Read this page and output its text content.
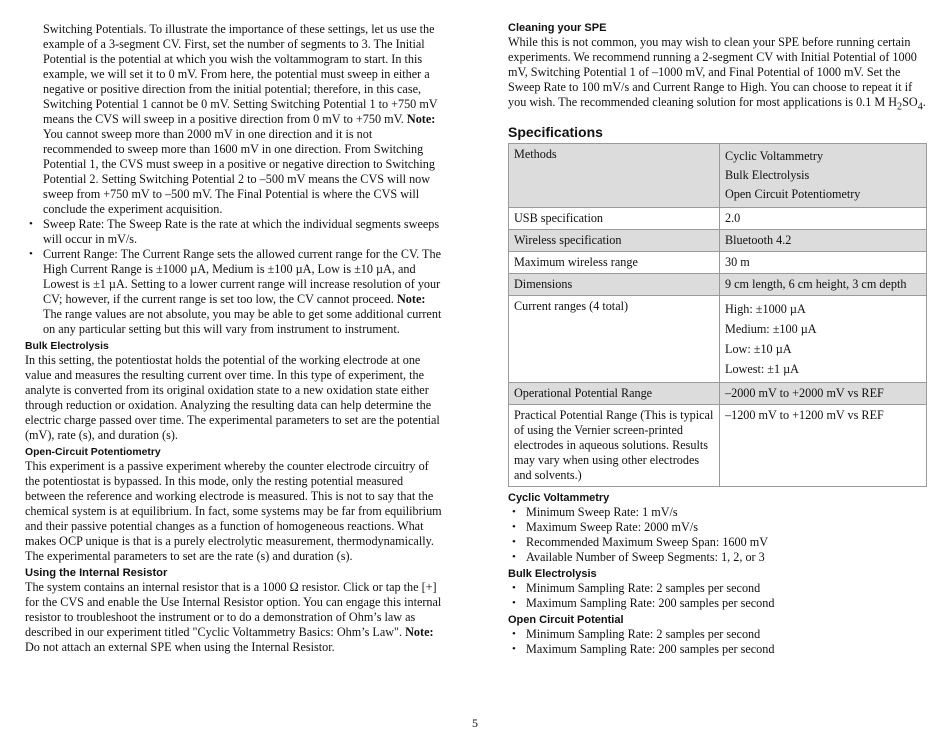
Switching Potentials. To illustrate the importance of these settings, let us use the example of a 3-segment CV. First, set the number of segments to 3. The Initial Potential is the potential at which you wish the voltammogram to start. In this example, we will set it to 0 mV. From here, the potential must sweep in either a negative or positive direction from the initial potential; therefore, in this case, Switching Potential 1 cannot be 0 mV. Setting Switching Potential 1 to +750 mV means the CVS will sweep in a positive direction from 0 mV to +750 mV. Note: You cannot sweep more than 2000 mV in one direction and it is not recommended to sweep more than 1600 mV in one direction. From Switching Potential 1, the CVS must sweep in a positive or negative direction to Switching Potential 2. Setting Switching Potential 2 to –500 mV means the CVS will now sweep from +750 mV to –500 mV. The Final Potential is where the CVS will conclude the experiment acquisition.

• Sweep Rate: The Sweep Rate is the rate at which the individual segments sweeps will occur in mV/s.
• Current Range: The Current Range sets the allowed current range for the CV. The High Current Range is ±1000 µA, Medium is ±100 µA, Low is ±10 µA, and Lowest is ±1 µA. Setting to a lower current range will increase resolution of your CV; however, if the current range is set too low, the CV cannot proceed. Note: The range values are not absolute, you may be able to get some additional current on any particular setting but this will vary from instrument to instrument.
Bulk Electrolysis

In this setting, the potentiostat holds the potential of the working electrode at one value and measures the resulting current over time. In this type of experiment, the analyte is converted from its original oxidation state to a new oxidation state either through reduction or oxidation. Analyzing the resulting data can help determine the electric charge passed over time. The experimental parameters to set are the potential (mV), rate (s), and duration (s).

Open-Circuit Potentiometry

This experiment is a passive experiment whereby the counter electrode circuitry of the potentiostat is bypassed. In this mode, only the resting potential measured between the reference and working electrode is measured. This is not to say that the chemical system is at equilibrium. In fact, some systems may be far from equilibrium and their passive potential changes as a function of homogeneous reactions. What makes OCP unique is that is a purely electrolytic measurement, thermodynamically. The experimental parameters to set are the rate (s) and duration (s).

Using the Internal Resistor

The system contains an internal resistor that is a 1000 Ω resistor. Click or tap the [+] for the CVS and enable the Use Internal Resistor option. You can engage this internal resistor to troubleshoot the instrument or to do a demonstration of Ohm’s law as described in our experiment titled "Cyclic Voltammetry Basics: Ohm’s Law". Note: Do not attach an external SPE when using the Internal Resistor.

Cleaning your SPE

While this is not common, you may wish to clean your SPE before running certain experiments. We recommend running a 2-segment CV with Initial Potential of 1000 mV, Switching Potential 1 of –1000 mV, and Final Potential of 1000 mV. Set the Sweep Rate to 100 mV/s and Current Range to High. You can choose to repeat it if you wish. The recommended cleaning solution for most applications is 0.1 M $H_2SO_4$.

Specifications
Methods	Cyclic Voltammetry
Bulk Electrolysis
Open Circuit Potentiometry

USB specification	2.0
Wireless specification	Bluetooth 4.2
Maximum wireless range	30 m
Dimensions	9 cm length, 6 cm height, 3 cm depth
Current ranges (4 total)	High: ±1000 µA
Medium: ±100 µA
Low: ±10 µA
Lowest: ±1 µA

Operational Potential Range	–2000 mV to +2000 mV vs REF
Practical Potential Range (This is typical of using the Vernier screen-printed electrodes in aqueous solutions. Results may vary when using other electrodes and solvents.)	–1200 mV to +1200 mV vs REF
Cyclic Voltammetry
• Minimum Sweep Rate: 1 mV/s
• Maximum Sweep Rate: 2000 mV/s
• Recommended Maximum Sweep Span: 1600 mV
• Available Number of Sweep Segments: 1, 2, or 3
Bulk Electrolysis
• Minimum Sampling Rate: 2 samples per second
• Maximum Sampling Rate: 200 samples per second
Open Circuit Potential
• Minimum Sampling Rate: 2 samples per second
• Maximum Sampling Rate: 200 samples per second
5
